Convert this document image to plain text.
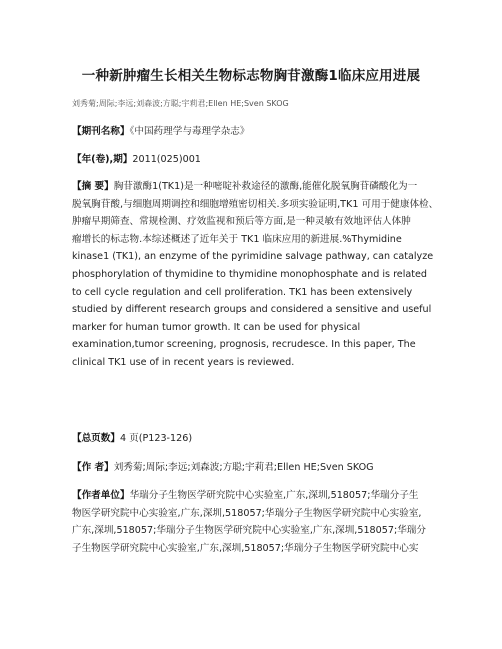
一种新肿瘤生长相关生物标志物胸苷激酶1临床应用进展
刘秀菊;周际;李远;刘森波;方聪;宇莉君;Ellen HE;Sven SKOG
【期刊名称】《中国药理学与毒理学杂志》
【年(卷),期】2011(025)001
【摘 要】胸苷激酶1(TK1)是一种嘧啶补救途径的激酶,能催化脱氧胸苷磷酸化为一
脱氧胸苷酸,与细胞周期调控和细胞增殖密切相关.多项实验证明,TK1 可用于健康体检、
肿瘤早期筛查、常规检测、疗效监视和预后等方面,是一种灵敏有效地评估人体肿
瘤增长的标志物.本综述概述了近年关于 TK1 临床应用的新进展.%Thymidine
kinase1 (TK1), an enzyme of the pyrimidine salvage pathway, can catalyze
phosphorylation of thymidine to thymidine monophosphate and is related
to cell cycle regulation and cell proliferation. TK1 has been extensively
studied by different research groups and considered a sensitive and useful
marker for human tumor growth. It can be used for physical
examination,tumor screening, prognosis, recrudesce. In this paper, The
clinical TK1 use of in recent years is reviewed.
【总页数】4 页(P123-126)
【作 者】刘秀菊;周际;李远;刘森波;方聪;宇莉君;Ellen HE;Sven SKOG
【作者单位】华瑞分子生物医学研究院中心实验室,广东,深圳,518057;华瑞分子生
物医学研究院中心实验室,广东,深圳,518057;华瑞分子生物医学研究院中心实验室,
广东,深圳,518057;华瑞分子生物医学研究院中心实验室,广东,深圳,518057;华瑞分
子生物医学研究院中心实验室,广东,深圳,518057;华瑞分子生物医学研究院中心实
